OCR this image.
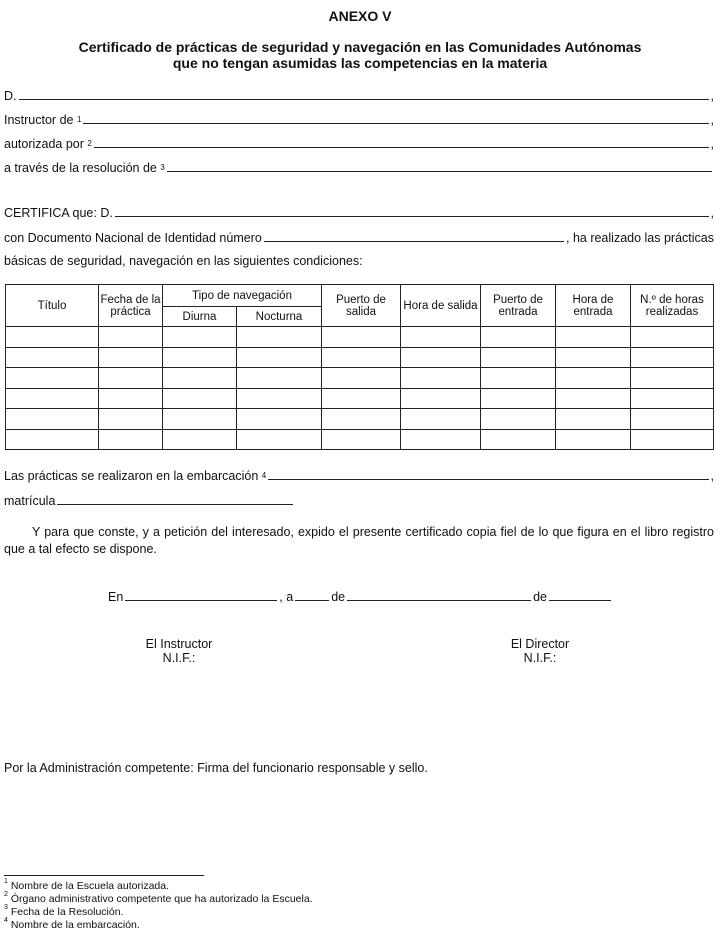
ANEXO V
Certificado de prácticas de seguridad y navegación en las Comunidades Autónomas
que no tengan asumidas las competencias en la materia
D.	,
Instructor de
$^1$	,
autorizada por
$^2$	,
a través de la resolución de
$^3$
CERTIFICA que: D.	,
con Documento Nacional de Identidad número	, ha realizado las prácticas
básicas de seguridad, navegación en las siguientes condiciones:
Título	Fecha de la práctica	Tipo de navegación		Puerto de salida	Hora de salida	Puerto de entrada	Hora de entrada	N.º de horas realizadas
		Diurna	Nocturna					

Las prácticas se realizaron en la embarcación
$^4$	,
matrícula
Y para que conste, y a petición del interesado, expido el presente certificado copia fiel de lo que figura en el libro registro que a tal efecto se dispone.
En	, a	de	de
El Instructor
N.I.F.:
El Director
N.I.F.:
Por la Administración competente: Firma del funcionario responsable y sello.
$^1$ Nombre de la Escuela autorizada.
$^2$ Órgano administrativo competente que ha autorizado la Escuela.
$^3$ Fecha de la Resolución.
$^4$ Nombre de la embarcación.
